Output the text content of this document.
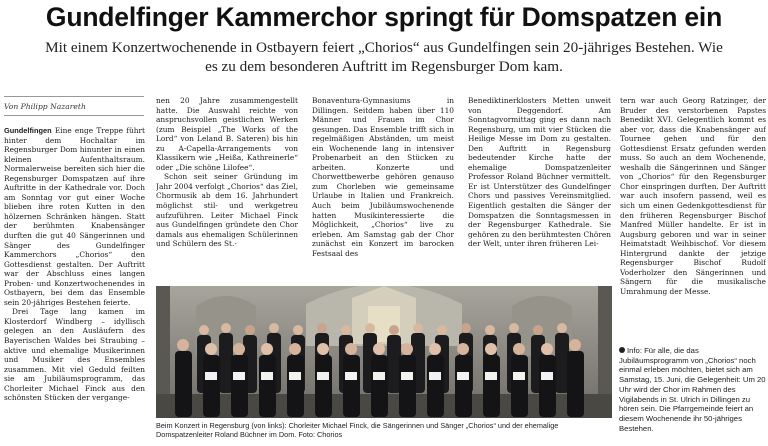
Gundelfinger Kammerchor springt für Domspatzen ein

Mit einem Konzertwochenende in Ostbayern feiert „Chorios“ aus Gundelfingen sein 20-jähriges Bestehen. Wie es zu dem besonderen Auftritt im Regensburger Dom kam.

Von Philipp Nazareth

Gundelfingen Eine enge Treppe führt hinter dem Hochaltar im Regensburger Dom hinunter in einen kleinen Aufenthaltsraum. Normalerweise bereiten sich hier die Regensburger Domspatzen auf ihre Auftritte in der Kathedrale vor. Doch am Sonntag vor gut einer Woche blieben ihre roten Kutten in den hölzernen Schränken hängen. Statt der berühmten Knabensänger durften die gut 40 Sängerinnen und Sänger des Gundelfinger Kammerchors „Chorios“ den Gottesdienst gestalten. Der Auftritt war der Abschluss eines langen Proben- und Konzertwochenendes in Ostbayern, bei dem das Ensemble sein 20-jähriges Bestehen feierte.

Drei Tage lang kamen im Klosterdorf Windberg – idyllisch gelegen an den Ausläufern des Bayerischen Waldes bei Straubing – aktive und ehemalige Musikerinnen und Musiker des Ensembles zusammen. Mit viel Geduld feilten sie am Jubiläumsprogramm, das Chorleiter Michael Finck aus den schönsten Stücken der vergange-

nen 20 Jahre zusammengestellt hatte. Die Auswahl reichte von anspruchsvollen geistlichen Werken (zum Beispiel „The Works of the Lord“ von Leland B. Sateren) bis hin zu A-Capella-Arrangements von Klassikern wie „Heißa, Kathreinerle“ oder „Die schöne Lilofee“.

Schon seit seiner Gründung im Jahr 2004 verfolgt „Chorios“ das Ziel, Chormusik ab dem 16. Jahrhundert möglichst stil- und werkgetreu aufzuführen. Leiter Michael Finck aus Gundelfingen gründete den Chor damals aus ehemaligen Schülerinnen und Schülern des St.-

Bonaventura-Gymnasiums in Dillingen. Seitdem haben über 110 Männer und Frauen im Chor gesungen. Das Ensemble trifft sich in regelmäßigen Abständen, um meist ein Wochenende lang in intensiver Probenarbeit an den Stücken zu arbeiten. Konzerte und Chorwettbewerbe gehören genauso zum Chorleben wie gemeinsame Urlaube in Italien und Frankreich. Auch beim Jubiläumswochenende hatten Musikinteressierte die Möglichkeit, „Chorios“ live zu erleben. Am Samstag gab der Chor zunächst ein Konzert im barocken Festsaal des

Benediktinerklosters Metten unweit von Deggendorf. Am Sonntagvormittag ging es dann nach Regensburg, um mit vier Stücken die Heilige Messe im Dom zu gestalten. Den Auftritt in Regensburg bedeutender Kirche hatte der ehemalige Domspatzenleiter Professor Roland Büchner vermittelt. Er ist Unterstützer des Gundelfinger Chors und passives Vereinsmitglied. Eigentlich gestalten die Sänger der Domspatzen die Sonntagsmessen in der Regensburger Kathedrale. Sie gehören zu den berühmtesten Chören der Welt, unter ihren früheren Lei-

tern war auch Georg Ratzinger, der Bruder des verstorbenen Papstes Benedikt XVI. Gelegentlich kommt es aber vor, dass die Knabensänger auf Tournee gehen und für den Gottesdienst Ersatz gefunden werden muss. So auch an dem Wochenende, weshalb die Sängerinnen und Sänger von „Chorios“ für den Regensburger Chor einspringen durften. Der Auftritt war auch insofern passend, weil es sich um einen Gedenkgottesdienst für den früheren Regensburger Bischof Manfred Müller handelte. Er ist in Augsburg geboren und war in seiner Heimatstadt Weihbischof. Vor diesem Hintergrund dankte der jetzige Regensburger Bischof Rudolf Voderholzer den Sängerinnen und Sängern für die musikalische Umrahmung der Messe.

Info: Für alle, die das Jubiläumsprogramm von „Chorios“ noch einmal erleben möchten, bietet sich am Samstag, 15. Juni, die Gelegenheit: Um 20 Uhr wird der Chor im Rahmen des Vigilabends in St. Ulrich in Dillingen zu hören sein. Die Pfarrgemeinde feiert an diesem Wochenende ihr 50-jähriges Bestehen.
Beim Konzert in Regensburg (von links): Chorleiter Michael Finck, die Sängerinnen und Sänger „Chorios“ und der ehemalige Domspatzenleiter Roland Büchner im Dom. Foto: Chorios
